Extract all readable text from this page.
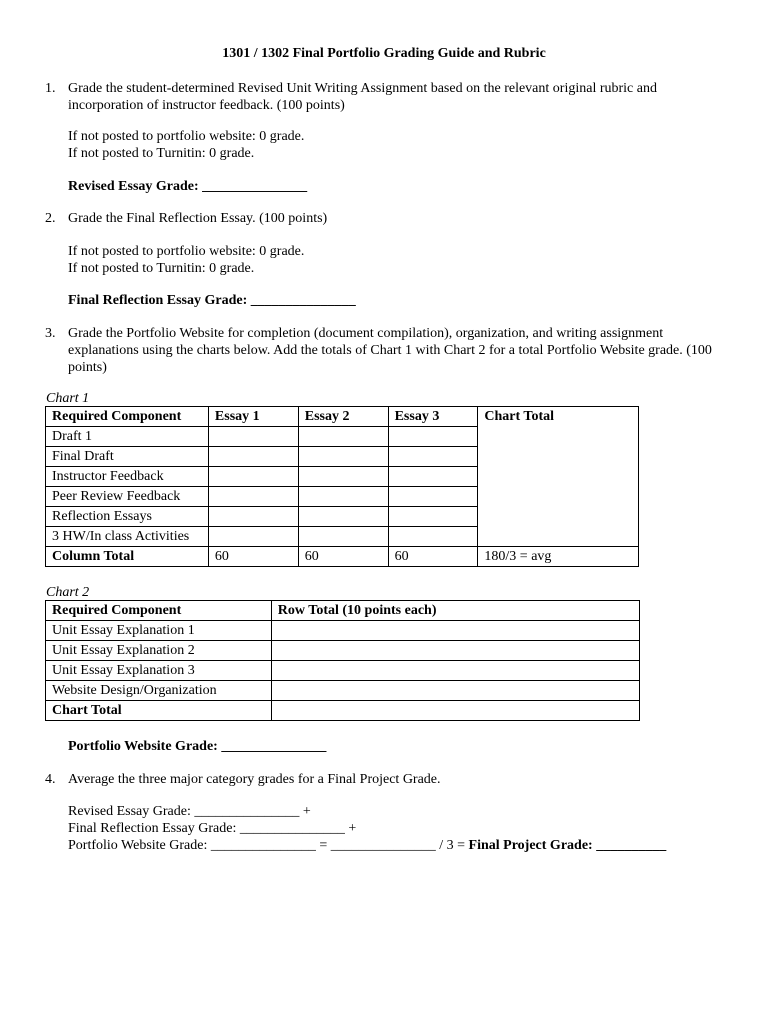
1301 / 1302 Final Portfolio Grading Guide and Rubric
1. Grade the student-determined Revised Unit Writing Assignment based on the relevant original rubric and incorporation of instructor feedback. (100 points)
If not posted to portfolio website: 0 grade.
If not posted to Turnitin: 0 grade.
Revised Essay Grade: _______________
2. Grade the Final Reflection Essay. (100 points)
If not posted to portfolio website: 0 grade.
If not posted to Turnitin: 0 grade.
Final Reflection Essay Grade: _______________
3. Grade the Portfolio Website for completion (document compilation), organization, and writing assignment explanations using the charts below. Add the totals of Chart 1 with Chart 2 for a total Portfolio Website grade. (100 points)
Chart 1
Required Component	Essay 1	Essay 2	Essay 3	Chart Total
Draft 1				
Final Draft				
Instructor Feedback				
Peer Review Feedback				
Reflection Essays				
3 HW/In class Activities				
Column Total	60	60	60	180/3 = avg
Chart 2
Required Component	Row Total (10 points each)
Unit Essay Explanation 1	
Unit Essay Explanation 2	
Unit Essay Explanation 3	
Website Design/Organization	
Chart Total	
Portfolio Website Grade: _______________
4. Average the three major category grades for a Final Project Grade.
Revised Essay Grade: _______________ +
Final Reflection Essay Grade: _______________ +
Portfolio Website Grade: _______________ = _______________ / 3 = Final Project Grade: __________
